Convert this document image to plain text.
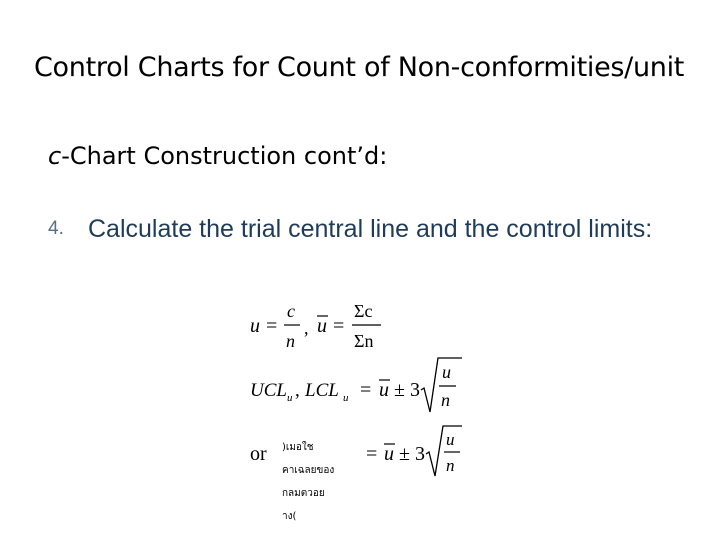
Control Charts for Count of Non-conformities/unit
c-Chart Construction cont’d:
4. Calculate the trial central line and the control limits:
u =
c
n
, u =
Σc
Σn
UCL u , LCL u = u ± 3
u
n
or	= u ± 3
u
n
)เมอใช
คาเฉลยของ
กลมตวอย
าง(
